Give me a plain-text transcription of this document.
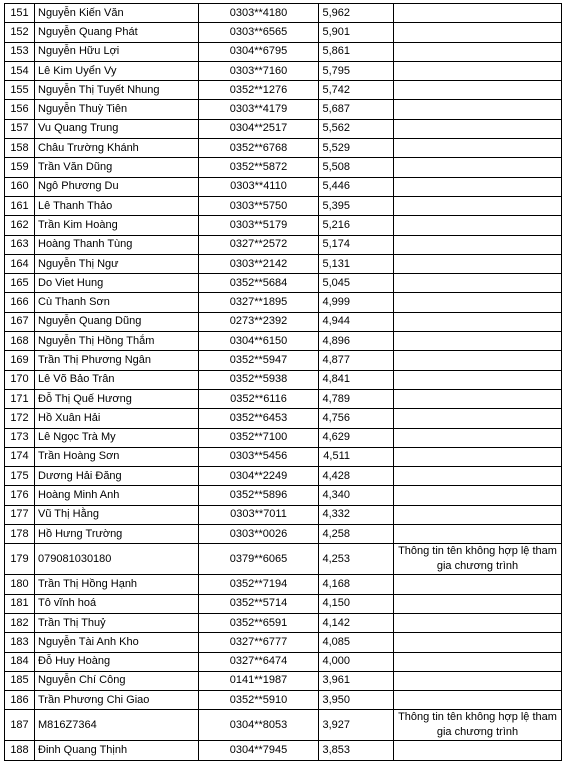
151	Nguyễn Kiến Văn	0303**4180	5,962	
152	Nguyễn Quang Phát	0303**6565	5,901	
153	Nguyễn Hữu Lợi	0304**6795	5,861	
154	Lê Kim Uyển Vy	0303**7160	5,795	
155	Nguyễn Thị Tuyết Nhung	0352**1276	5,742	
156	Nguyễn Thuỳ Tiên	0303**4179	5,687	
157	Vu Quang Trung	0304**2517	5,562	
158	Châu Trường Khánh	0352**6768	5,529	
159	Trần Văn Dũng	0352**5872	5,508	
160	Ngô Phương Du	0303**4110	5,446	
161	Lê Thanh Thảo	0303**5750	5,395	
162	Trần Kim Hoàng	0303**5179	5,216	
163	Hoàng Thanh Tùng	0327**2572	5,174	
164	Nguyễn Thị Ngư	0303**2142	5,131	
165	Do Viet Hung	0352**5684	5,045	
166	Cù Thanh Sơn	0327**1895	4,999	
167	Nguyễn Quang Dũng	0273**2392	4,944	
168	Nguyễn Thị Hồng Thắm	0304**6150	4,896	
169	Trần Thị Phương Ngân	0352**5947	4,877	
170	Lê Võ Bảo Trân	0352**5938	4,841	
171	Đỗ Thị Quế Hương	0352**6116	4,789	
172	Hồ Xuân Hải	0352**6453	4,756	
173	Lê Ngọc Trà My	0352**7100	4,629	
174	Trần Hoàng Sơn	0303**5456	4,511	
175	Dương Hải Đăng	0304**2249	4,428	
176	Hoàng Minh Anh	0352**5896	4,340	
177	Vũ Thị Hằng	0303**7011	4,332	
178	Hồ Hưng Trường	0303**0026	4,258	
179	079081030180	0379**6065	4,253	Thông tin tên không hợp lệ tham gia chương trình
180	Trần Thị Hồng Hạnh	0352**7194	4,168	
181	Tô vĩnh hoá	0352**5714	4,150	
182	Trần Thị Thuỷ	0352**6591	4,142	
183	Nguyễn Tài Anh Kho	0327**6777	4,085	
184	Đỗ Huy Hoàng	0327**6474	4,000	
185	Nguyễn Chí Công	0141**1987	3,961	
186	Trần Phương Chi Giao	0352**5910	3,950	
187	M816Z7364	0304**8053	3,927	Thông tin tên không hợp lệ tham gia chương trình
188	Đinh Quang Thịnh	0304**7945	3,853	
